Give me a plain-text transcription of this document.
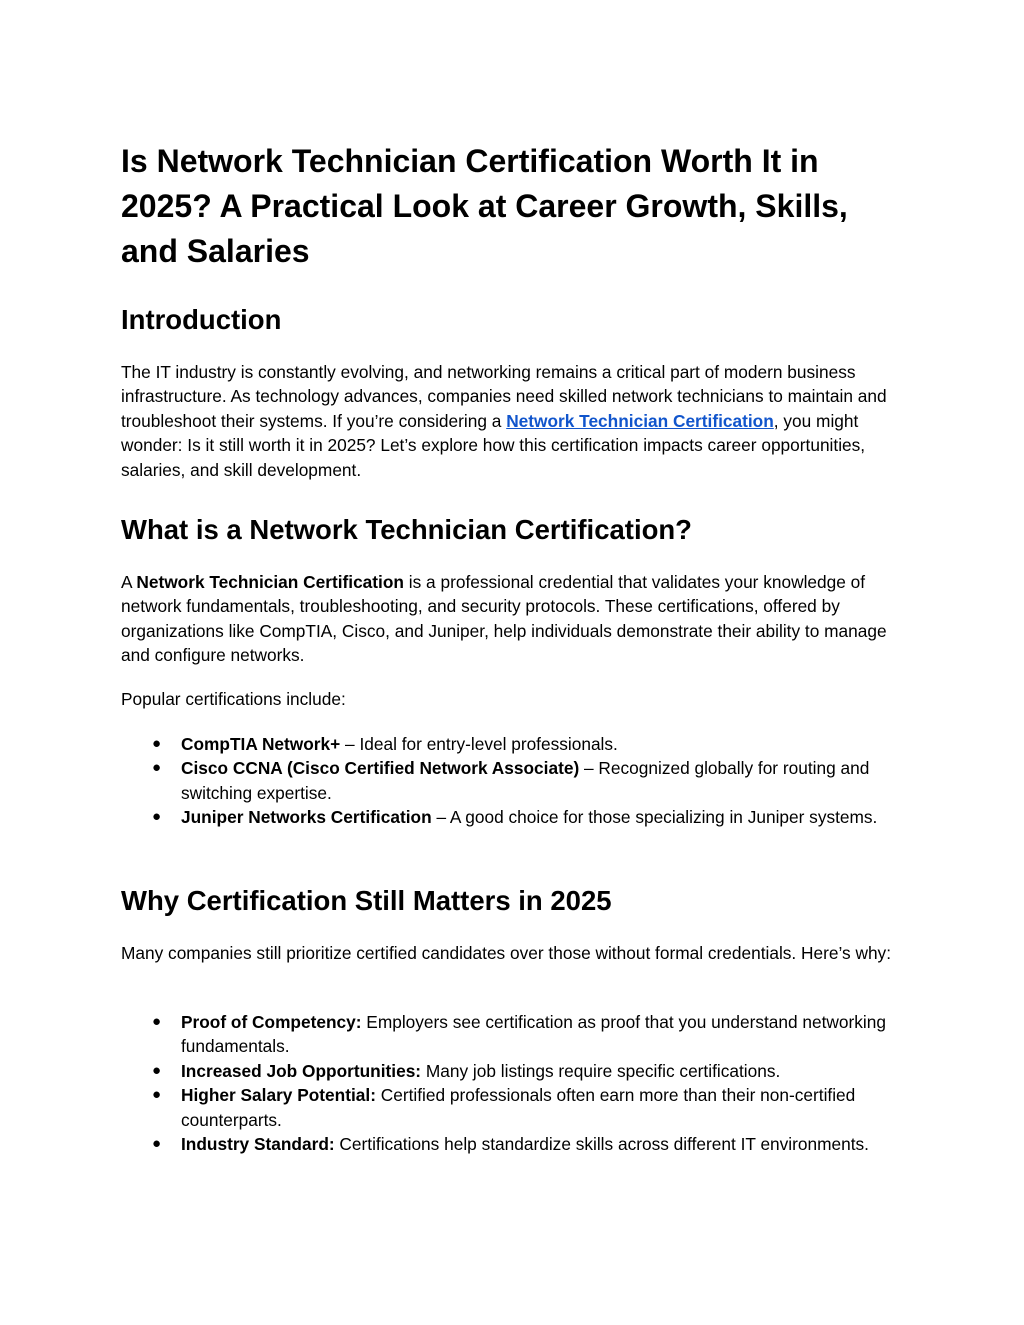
Is Network Technician Certification Worth It in 2025? A Practical Look at Career Growth, Skills, and Salaries
Introduction

The IT industry is constantly evolving, and networking remains a critical part of modern business infrastructure. As technology advances, companies need skilled network technicians to maintain and troubleshoot their systems. If you’re considering a Network Technician Certification, you might wonder: Is it still worth it in 2025? Let’s explore how this certification impacts career opportunities, salaries, and skill development.

What is a Network Technician Certification?

A Network Technician Certification is a professional credential that validates your knowledge of network fundamentals, troubleshooting, and security protocols. These certifications, offered by organizations like CompTIA, Cisco, and Juniper, help individuals demonstrate their ability to manage and configure networks.

Popular certifications include:

● CompTIA Network+ – Ideal for entry-level professionals.
● Cisco CCNA (Cisco Certified Network Associate) – Recognized globally for routing and switching expertise.
● Juniper Networks Certification – A good choice for those specializing in Juniper systems.
Why Certification Still Matters in 2025

Many companies still prioritize certified candidates over those without formal credentials. Here’s why:

● Proof of Competency: Employers see certification as proof that you understand networking fundamentals.
● Increased Job Opportunities: Many job listings require specific certifications.
● Higher Salary Potential: Certified professionals often earn more than their non-certified counterparts.
● Industry Standard: Certifications help standardize skills across different IT environments.
